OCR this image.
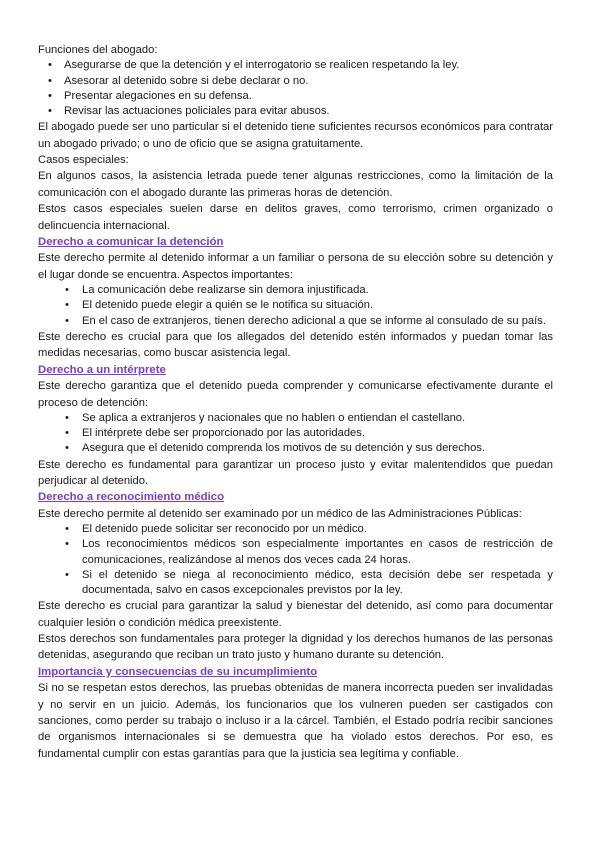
Funciones del abogado:

• Asegurarse de que la detención y el interrogatorio se realicen respetando la ley.
• Asesorar al detenido sobre si debe declarar o no.
• Presentar alegaciones en su defensa.
• Revisar las actuaciones policiales para evitar abusos.

El abogado puede ser uno particular si el detenido tiene suficientes recursos económicos para contratar un abogado privado; o uno de oficio que se asigna gratuitamente.

Casos especiales:

En algunos casos, la asistencia letrada puede tener algunas restricciones, como la limitación de la comunicación con el abogado durante las primeras horas de detención.

Estos casos especiales suelen darse en delitos graves, como terrorismo, crimen organizado o delincuencia internacional.

Derecho a comunicar la detención

Este derecho permite al detenido informar a un familiar o persona de su elección sobre su detención y el lugar donde se encuentra. Aspectos importantes:

• La comunicación debe realizarse sin demora injustificada.
• El detenido puede elegir a quién se le notifica su situación.
• En el caso de extranjeros, tienen derecho adicional a que se informe al consulado de su país.

Este derecho es crucial para que los allegados del detenido estén informados y puedan tomar las medidas necesarias, como buscar asistencia legal.

Derecho a un intérprete

Este derecho garantiza que el detenido pueda comprender y comunicarse efectivamente durante el proceso de detención:

• Se aplica a extranjeros y nacionales que no hablen o entiendan el castellano.
• El intérprete debe ser proporcionado por las autoridades.
• Asegura que el detenido comprenda los motivos de su detención y sus derechos.

Este derecho es fundamental para garantizar un proceso justo y evitar malentendidos que puedan perjudicar al detenido.

Derecho a reconocimiento médico

Este derecho permite al detenido ser examinado por un médico de las Administraciones Públicas:

• El detenido puede solicitar ser reconocido por un médico.
• Los reconocimientos médicos son especialmente importantes en casos de restricción de comunicaciones, realizándose al menos dos veces cada 24 horas.
• Si el detenido se niega al reconocimiento médico, esta decisión debe ser respetada y documentada, salvo en casos excepcionales previstos por la ley.

Este derecho es crucial para garantizar la salud y bienestar del detenido, así como para documentar cualquier lesión o condición médica preexistente.

Estos derechos son fundamentales para proteger la dignidad y los derechos humanos de las personas detenidas, asegurando que reciban un trato justo y humano durante su detención.

Importancia y consecuencias de su incumplimiento

Si no se respetan estos derechos, las pruebas obtenidas de manera incorrecta pueden ser invalidadas y no servir en un juicio. Además, los funcionarios que los vulneren pueden ser castigados con sanciones, como perder su trabajo o incluso ir a la cárcel. También, el Estado podría recibir sanciones de organismos internacionales si se demuestra que ha violado estos derechos. Por eso, es fundamental cumplir con estas garantías para que la justicia sea legítima y confiable.
